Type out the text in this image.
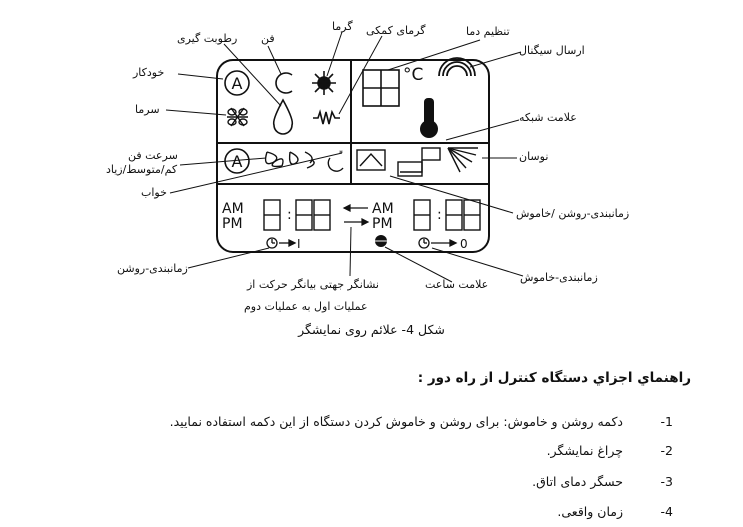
A	°C
A	*
AM
PM
:	AM
PM
:
I	0
رطوبت گیری فن
گرما گرمای کمکی	تنظیم دما
ارسال سیگنال
خودکار
سرما
علامت شبکه
سرعت فن
کم/متوسط/زیاد
نوسان
خواب
زمانبندی-روشن /خاموش
زمانبندی-روشن
نشانگر جهتی بیانگر حرکت از
عملیات اول به عملیات دوم
علامت ساعت
زمانبندی-خاموش
شکل 4- علائم روی نمایشگر
راهنماي اجزاي دستگاه کنترل از راه دور :
1- دکمه روشن و خاموش: برای روشن و خاموش کردن دستگاه از این دکمه استفاده نمایید.
2- چراغ نمایشگر.
3- حسگر دمای اتاق.
4- زمان واقعی.
